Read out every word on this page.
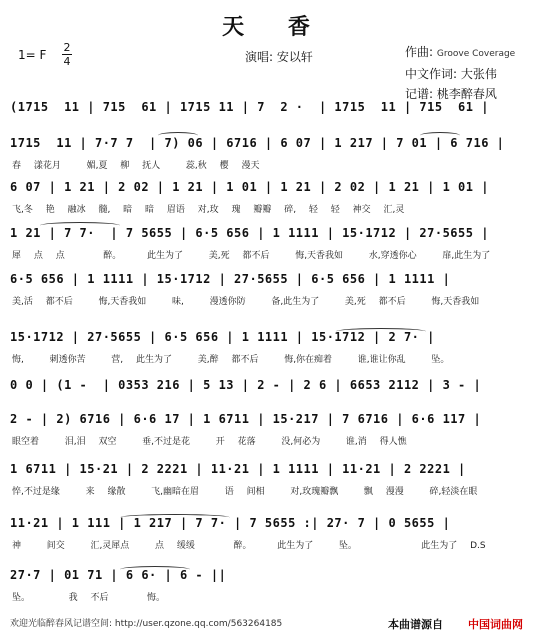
天 香
1= F
2
4	演唱: 安以轩	作曲: Groove Coverage
中文作词: 大张伟
记谱: 桃李醉春风
(1715  11 | 715  61 | 1715 11 | 7  2 ·  | 1715  11 | 715  61 |
1715  11 | 7·7 7  | 7) 06 | 6716 | 6 07 | 1 217 | 7 01 | 6 716 |
春 漾花月  媚,夏 柳 抚人  蕊,秋 樱 漫天
6 07 | 1 21 | 2 02 | 1 21 | 1 01 | 1 21 | 2 02 | 1 21 | 1 01 |
飞,冬 艳 融冰 髓, 暗 暗 眉语 对,玫 瑰 瓣瓣 碎, 轻 轻 神交 汇,灵
1 21 | 7 7·  | 7 5655 | 6·5 656 | 1 1111 | 15·1712 | 27·5655 |
犀 点 点   醉。  此生为了  美,死 都不后  悔,天香我如  水,穿透你心  扉,此生为了
6·5 656 | 1 1111 | 15·1712 | 27·5655 | 6·5 656 | 1 1111 |
美,活 都不后  悔,天香我如  味,  漫透你防  备,此生为了  美,死 都不后  悔,天香我如
15·1712 | 27·5655 | 6·5 656 | 1 1111 | 15·1712 | 2 7· |
悔,  刺透你苦  营, 此生为了  美,醉 都不后  悔,你在痴着  谁,谁让你乱  坠。
0 0 | (1 -  | 0353 216 | 5 13 | 2 - | 2 6 | 6653 2112 | 3 - |
2 - | 2) 6716 | 6·6 17 | 1 6711 | 15·217 | 7 6716 | 6·6 117 |
眼空着  泪,泪 双空  垂,不过是花  开 花落  没,何必为  谁,消 得人憔
1 6711 | 15·21 | 2 2221 | 11·21 | 1 1111 | 11·21 | 2 2221 |
悴,不过是缘  来 缘散  飞,幽暗在眉  语 间相  对,玫瑰瓣飘  飘 漫漫  碎,轻淡在眼
11·21 | 1 111 | 1 217 | 7 7· | 7 5655 :| 27· 7 | 0 5655 |
神  间交  汇,灵犀点  点 缓缓   醉。  此生为了  坠。     此生为了 D.S
27·7 | 01 71 | 6 6· | 6 - ||
坠。   我 不后   悔。
欢迎光临醉春风记谱空间: http://user.qzone.qq.com/563264185	本曲谱源自 中国词曲网
